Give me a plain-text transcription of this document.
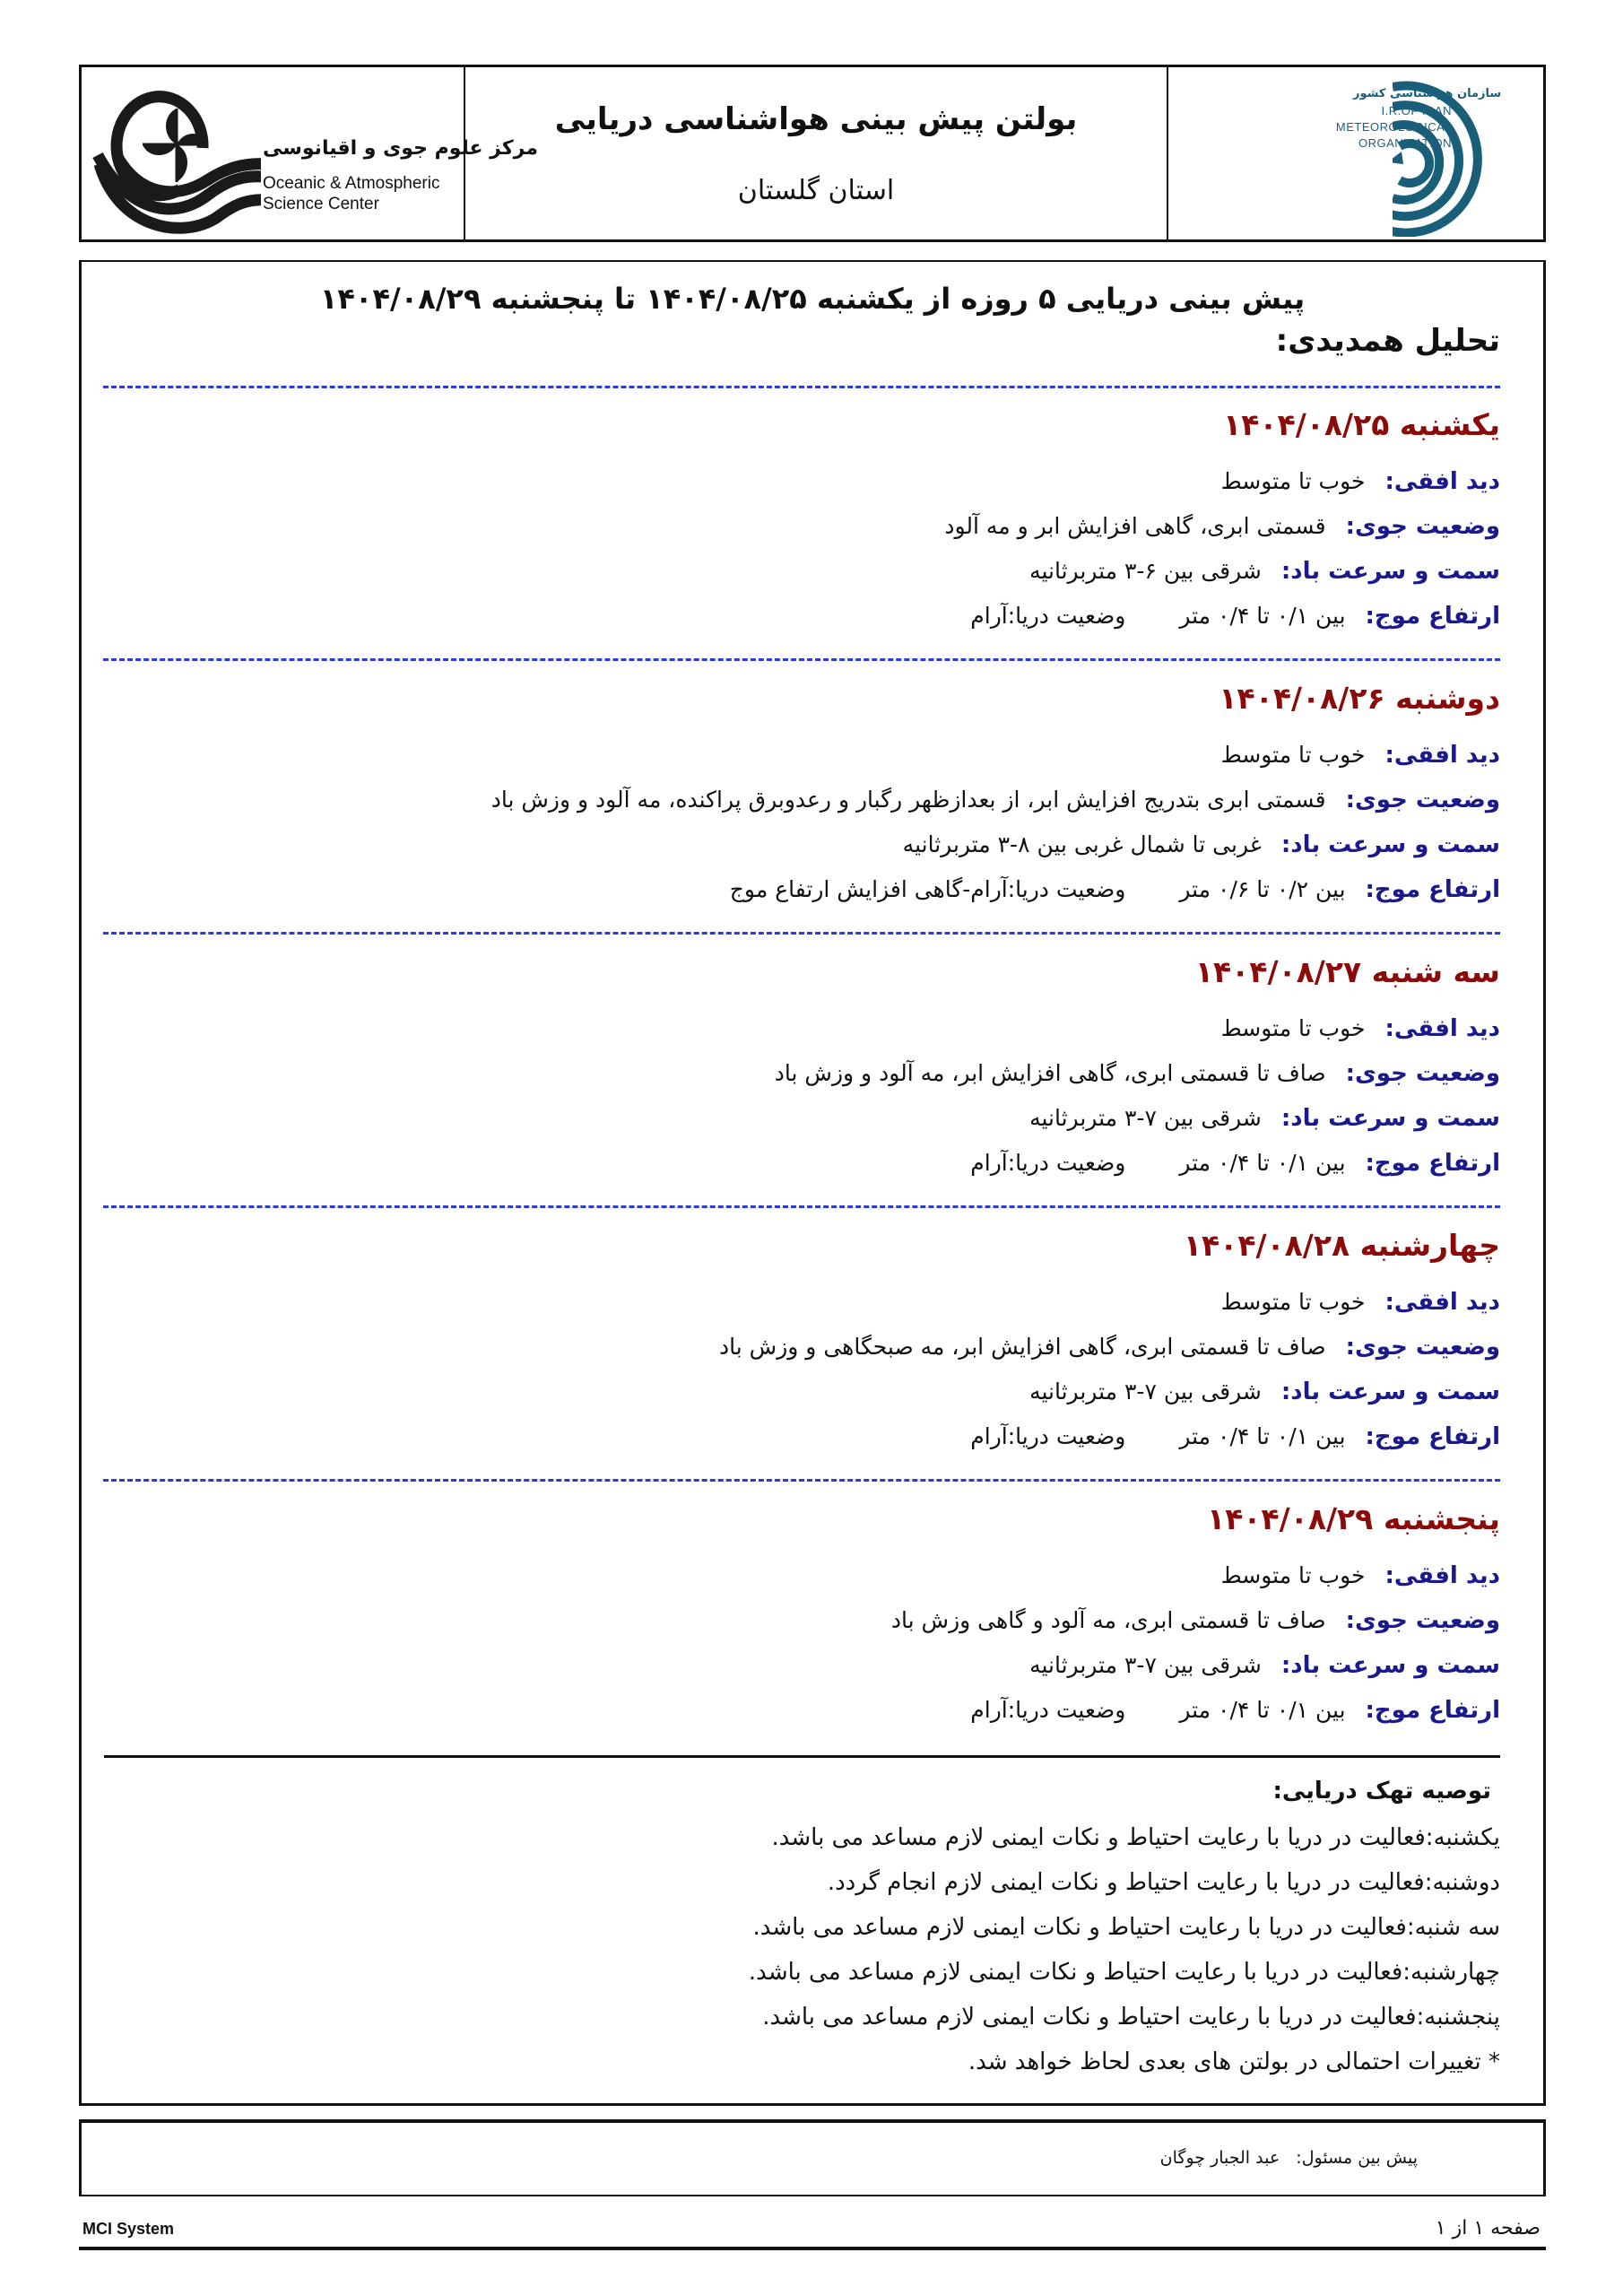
مرکز علوم جوی و اقیانوسی
Oceanic & Atmospheric
Science Center
بولتن پیش بینی هواشناسی دریایی
استان گلستان
سازمان هواشناسی کشور
I.R.OF IRAN
METEOROLOGICAL
ORGANIZATION
پیش بینی دریایی ۵ روزه از یکشنبه ۱۴۰۴/۰۸/۲۵ تا پنجشنبه ۱۴۰۴/۰۸/۲۹
تحلیل همدیدی:
یکشنبه ۱۴۰۴/۰۸/۲۵
دید افقی:خوب تا متوسط
وضعیت جوی:قسمتی ابری، گاهی افزایش ابر و مه آلود
سمت و سرعت باد:شرقی بین ۶-۳ متربرثانیه
ارتفاع موج:بین ۰/۱ تا ۰/۴ متروضعیت دریا:آرام
دوشنبه ۱۴۰۴/۰۸/۲۶
دید افقی:خوب تا متوسط
وضعیت جوی:قسمتی ابری بتدریج افزایش ابر، از بعدازظهر رگبار و رعدوبرق پراکنده، مه آلود و وزش باد
سمت و سرعت باد:غربی تا شمال غربی بین ۸-۳ متربرثانیه
ارتفاع موج:بین ۰/۲ تا ۰/۶ متروضعیت دریا:آرام-گاهی افزایش ارتفاع موج
سه شنبه ۱۴۰۴/۰۸/۲۷
دید افقی:خوب تا متوسط
وضعیت جوی:صاف تا قسمتی ابری، گاهی افزایش ابر، مه آلود و وزش باد
سمت و سرعت باد:شرقی بین ۷-۳ متربرثانیه
ارتفاع موج:بین ۰/۱ تا ۰/۴ متروضعیت دریا:آرام
چهارشنبه ۱۴۰۴/۰۸/۲۸
دید افقی:خوب تا متوسط
وضعیت جوی:صاف تا قسمتی ابری، گاهی افزایش ابر، مه صبحگاهی و وزش باد
سمت و سرعت باد:شرقی بین ۷-۳ متربرثانیه
ارتفاع موج:بین ۰/۱ تا ۰/۴ متروضعیت دریا:آرام
پنجشنبه ۱۴۰۴/۰۸/۲۹
دید افقی:خوب تا متوسط
وضعیت جوی:صاف تا قسمتی ابری، مه آلود و گاهی وزش باد
سمت و سرعت باد:شرقی بین ۷-۳ متربرثانیه
ارتفاع موج:بین ۰/۱ تا ۰/۴ متروضعیت دریا:آرام
توصیه تهک دریایی:
یکشنبه:فعالیت در دریا با رعایت احتیاط و نکات ایمنی لازم مساعد می باشد.
دوشنبه:فعالیت در دریا با رعایت احتیاط و نکات ایمنی لازم انجام گردد.
سه شنبه:فعالیت در دریا با رعایت احتیاط و نکات ایمنی لازم مساعد می باشد.
چهارشنبه:فعالیت در دریا با رعایت احتیاط و نکات ایمنی لازم مساعد می باشد.
پنجشنبه:فعالیت در دریا با رعایت احتیاط و نکات ایمنی لازم مساعد می باشد.
* تغییرات احتمالی در بولتن های بعدی لحاظ خواهد شد.
پیش بین مسئول:   عبد الجبار چوگان
MCI System	صفحه ۱ از ۱
